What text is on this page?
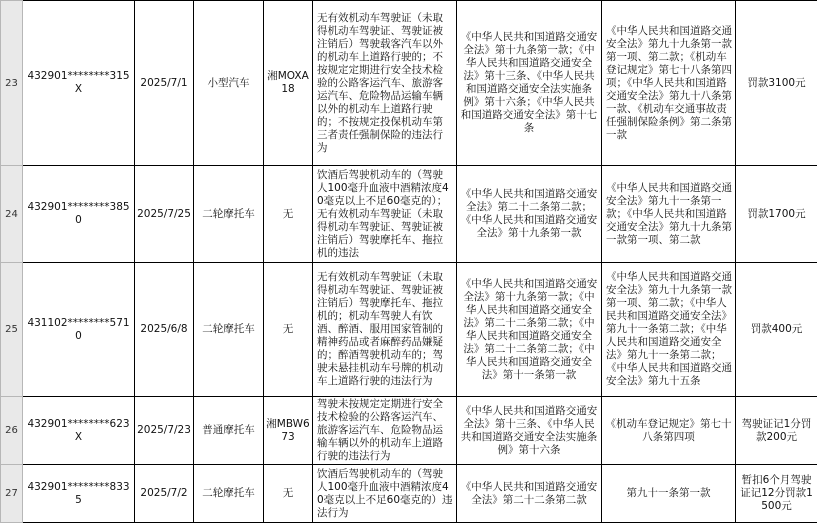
23	432901********315X	2025/7/1	小型汽车	湘MOXA18	无有效机动车驾驶证（未取得机动车驾驶证、驾驶证被注销后）驾驶载客汽车以外的机动车上道路行驶的；不按规定定期进行安全技术检验的公路客运汽车、旅游客运汽车、危险物品运输车辆以外的机动车上道路行驶的；不按规定投保机动车第三者责任强制保险的违法行为	《中华人民共和国道路交通安全法》第十九条第一款；《中华人民共和国道路交通安全法》第十三条、《中华人民共和国道路交通安全法实施条例》第十六条；《中华人民共和国道路交通安全法》第十七条	《中华人民共和国道路交通安全法》第九十九条第一款第一项、第二款；《机动车登记规定》第七十八条第四项；《中华人民共和国道路交通安全法》第九十八条第一款、《机动车交通事故责任强制保险条例》第二条第一款	罚款3100元
24	432901********3850	2025/7/25	二轮摩托车	无	饮酒后驾驶机动车的（驾驶人100毫升血液中酒精浓度40毫克以上不足60毫克的）；无有效机动车驾驶证（未取得机动车驾驶证、驾驶证被注销后）驾驶摩托车、拖拉机的违法	《中华人民共和国道路交通安全法》第二十二条第二款；《中华人民共和国道路交通安全法》第十九条第一款	《中华人民共和国道路交通安全法》第九十一条第一款；《中华人民共和国道路交通安全法》第九十九条第一款第一项、第二款	罚款1700元
25	431102********5710	2025/6/8	二轮摩托车	无	无有效机动车驾驶证（未取得机动车驾驶证、驾驶证被注销后）驾驶摩托车、拖拉机的；机动车驾驶人有饮酒、醉酒、服用国家管制的精神药品或者麻醉药品嫌疑的；醉酒驾驶机动车的；驾驶未悬挂机动车号牌的机动车上道路行驶的违法行为	《中华人民共和国道路交通安全法》第十九条第一款；《中华人民共和国道路交通安全法》第二十二条第二款；《中华人民共和国道路交通安全法》第二十二条第二款；《中华人民共和国道路交通安全法》第十一条第一款	《中华人民共和国道路交通安全法》第九十九条第一款第一项、第二款；《中华人民共和国道路交通安全法》第九十一条第二款；《中华人民共和国道路交通安全法》第九十一条第二款；《中华人民共和国道路交通安全法》第九十五条	罚款400元
26	432901********623X	2025/7/23	普通摩托车	湘MBW673	驾驶未按规定定期进行安全技术检验的公路客运汽车、旅游客运汽车、危险物品运输车辆以外的机动车上道路行驶的违法行为	《中华人民共和国道路交通安全法》第十三条、《中华人民共和国道路交通安全法实施条例》第十六条	《机动车登记规定》第七十八条第四项	驾驶证记1分罚款200元
27	432901********8335	2025/7/2	二轮摩托车	无	饮酒后驾驶机动车的（驾驶人100毫升血液中酒精浓度40毫克以上不足60毫克的）违法行为	《中华人民共和国道路交通安全法》第二十二条第二款	第九十一条第一款	暂扣6个月驾驶证记12分罚款1500元
